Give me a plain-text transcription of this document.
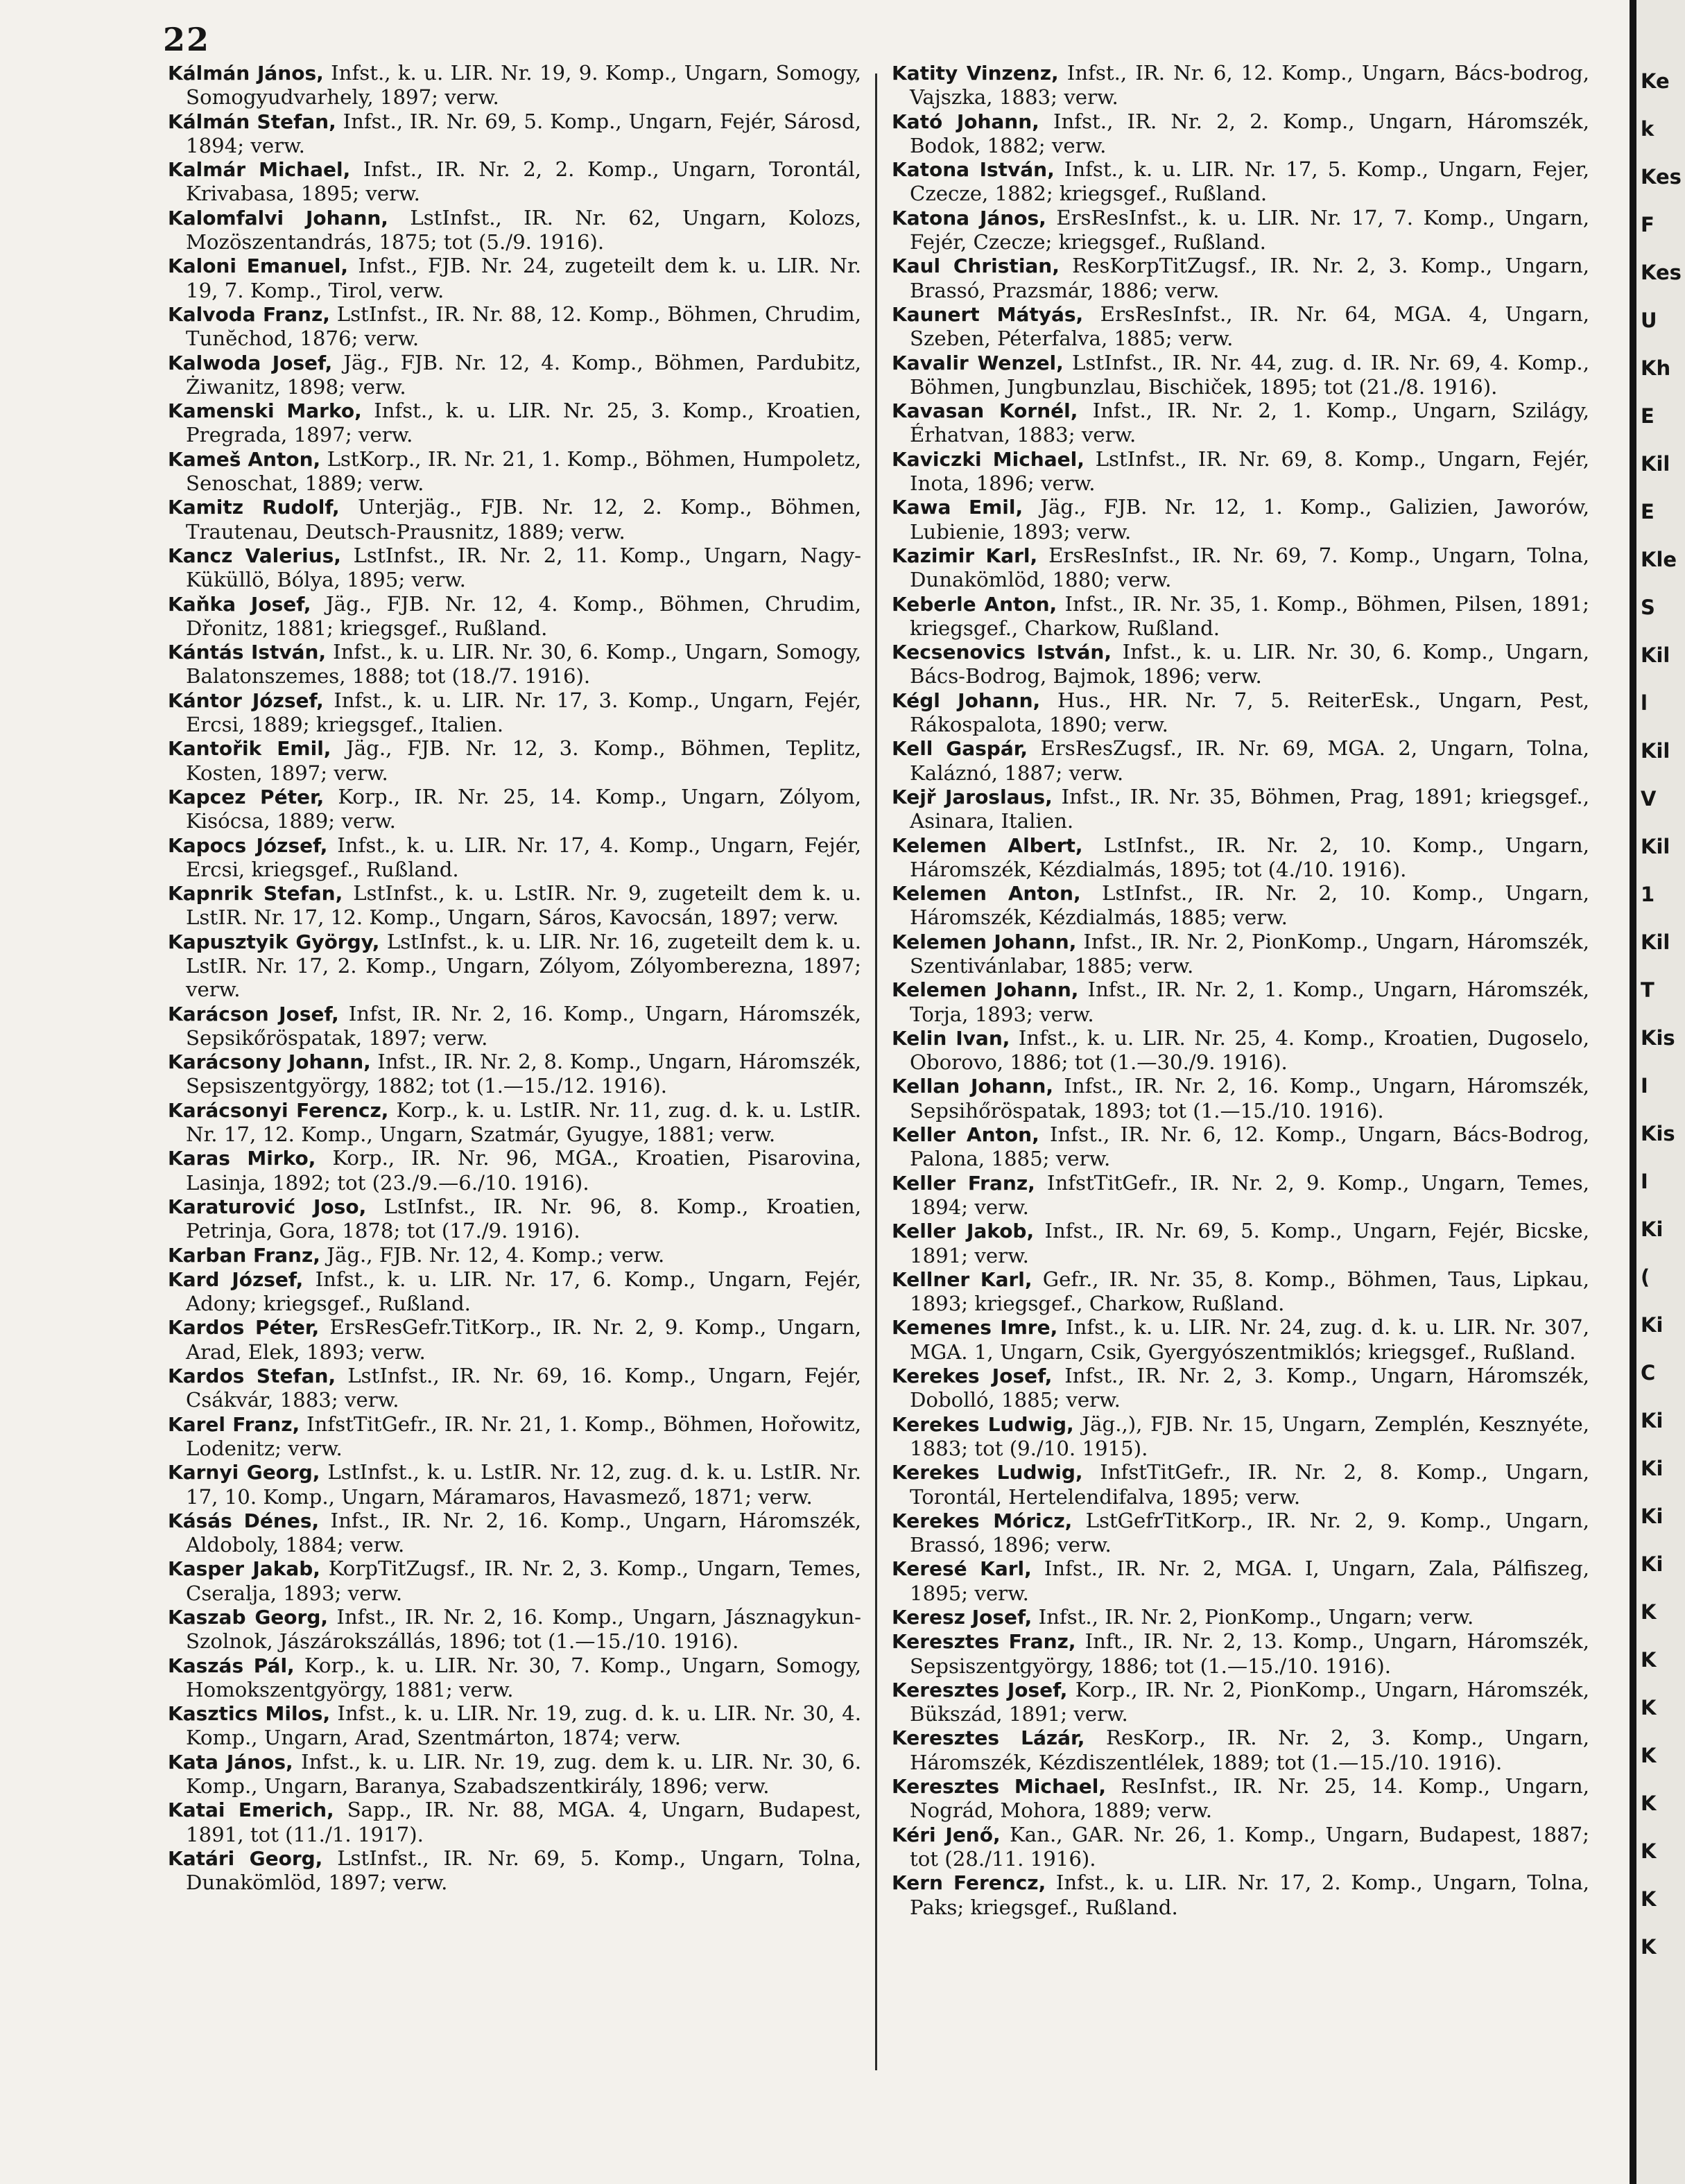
22

Kálmán János, Infst., k. u. LIR. Nr. 19, 9. Komp., Ungarn, Somogy, Somogyudvarhely, 1897; verw.

Kálmán Stefan, Infst., IR. Nr. 69, 5. Komp., Ungarn, Fejér, Sárosd, 1894; verw.

Kalmár Michael, Infst., IR. Nr. 2, 2. Komp., Ungarn, Torontál, Krivabasa, 1895; verw.

Kalomfalvi Johann, LstInfst., IR. Nr. 62, Ungarn, Kolozs, Mozöszentandrás, 1875; tot (5./9. 1916).

Kaloni Emanuel, Infst., FJB. Nr. 24, zugeteilt dem k. u. LIR. Nr. 19, 7. Komp., Tirol, verw.

Kalvoda Franz, LstInfst., IR. Nr. 88, 12. Komp., Böhmen, Chrudim, Tunĕchod, 1876; verw.

Kalwoda Josef, Jäg., FJB. Nr. 12, 4. Komp., Böhmen, Pardubitz, Żiwanitz, 1898; verw.

Kamenski Marko, Infst., k. u. LIR. Nr. 25, 3. Komp., Kroatien, Pregrada, 1897; verw.

Kameš Anton, LstKorp., IR. Nr. 21, 1. Komp., Böhmen, Humpoletz, Senoschat, 1889; verw.

Kamitz Rudolf, Unterjäg., FJB. Nr. 12, 2. Komp., Böhmen, Trautenau, Deutsch-Prausnitz, 1889; verw.

Kancz Valerius, LstInfst., IR. Nr. 2, 11. Komp., Ungarn, Nagy-Küküllö, Bólya, 1895; verw.

Kaňka Josef, Jäg., FJB. Nr. 12, 4. Komp., Böhmen, Chrudim, Dřonitz, 1881; kriegsgef., Rußland.

Kántás István, Infst., k. u. LIR. Nr. 30, 6. Komp., Ungarn, Somogy, Balatonszemes, 1888; tot (18./7. 1916).

Kántor József, Infst., k. u. LIR. Nr. 17, 3. Komp., Ungarn, Fejér, Ercsi, 1889; kriegsgef., Italien.

Kantořik Emil, Jäg., FJB. Nr. 12, 3. Komp., Böhmen, Teplitz, Kosten, 1897; verw.

Kapcez Péter, Korp., IR. Nr. 25, 14. Komp., Ungarn, Zólyom, Kisócsa, 1889; verw.

Kapocs József, Infst., k. u. LIR. Nr. 17, 4. Komp., Ungarn, Fejér, Ercsi, kriegsgef., Rußland.

Kapnrik Stefan, LstInfst., k. u. LstIR. Nr. 9, zugeteilt dem k. u. LstIR. Nr. 17, 12. Komp., Ungarn, Sáros, Kavocsán, 1897; verw.

Kapusztyik György, LstInfst., k. u. LIR. Nr. 16, zugeteilt dem k. u. LstIR. Nr. 17, 2. Komp., Ungarn, Zólyom, Zólyomberezna, 1897; verw.

Karácson Josef, Infst, IR. Nr. 2, 16. Komp., Ungarn, Háromszék, Sepsikőröspatak, 1897; verw.

Karácsony Johann, Infst., IR. Nr. 2, 8. Komp., Ungarn, Háromszék, Sepsiszentgyörgy, 1882; tot (1.—15./12. 1916).

Karácsonyi Ferencz, Korp., k. u. LstIR. Nr. 11, zug. d. k. u. LstIR. Nr. 17, 12. Komp., Ungarn, Szatmár, Gyugye, 1881; verw.

Karas Mirko, Korp., IR. Nr. 96, MGA., Kroatien, Pisarovina, Lasinja, 1892; tot (23./9.—6./10. 1916).

Karaturović Joso, LstInfst., IR. Nr. 96, 8. Komp., Kroatien, Petrinja, Gora, 1878; tot (17./9. 1916).

Karban Franz, Jäg., FJB. Nr. 12, 4. Komp.; verw.

Kard József, Infst., k. u. LIR. Nr. 17, 6. Komp., Ungarn, Fejér, Adony; kriegsgef., Rußland.

Kardos Péter, ErsResGefr.TitKorp., IR. Nr. 2, 9. Komp., Ungarn, Arad, Elek, 1893; verw.

Kardos Stefan, LstInfst., IR. Nr. 69, 16. Komp., Ungarn, Fejér, Csákvár, 1883; verw.

Karel Franz, InfstTitGefr., IR. Nr. 21, 1. Komp., Böhmen, Hořowitz, Lodenitz; verw.

Karnyi Georg, LstInfst., k. u. LstIR. Nr. 12, zug. d. k. u. LstIR. Nr. 17, 10. Komp., Ungarn, Máramaros, Havasmező, 1871; verw.

Kásás Dénes, Infst., IR. Nr. 2, 16. Komp., Ungarn, Háromszék, Aldoboly, 1884; verw.

Kasper Jakab, KorpTitZugsf., IR. Nr. 2, 3. Komp., Ungarn, Temes, Cseralja, 1893; verw.

Kaszab Georg, Infst., IR. Nr. 2, 16. Komp., Ungarn, Jásznagykun-Szolnok, Jászárokszállás, 1896; tot (1.—15./10. 1916).

Kaszás Pál, Korp., k. u. LIR. Nr. 30, 7. Komp., Ungarn, Somogy, Homokszentgyörgy, 1881; verw.

Kasztics Milos, Infst., k. u. LIR. Nr. 19, zug. d. k. u. LIR. Nr. 30, 4. Komp., Ungarn, Arad, Szentmárton, 1874; verw.

Kata János, Infst., k. u. LIR. Nr. 19, zug. dem k. u. LIR. Nr. 30, 6. Komp., Ungarn, Baranya, Szabadszentkirály, 1896; verw.

Katai Emerich, Sapp., IR. Nr. 88, MGA. 4, Ungarn, Budapest, 1891, tot (11./1. 1917).

Katári Georg, LstInfst., IR. Nr. 69, 5. Komp., Ungarn, Tolna, Dunakömlöd, 1897; verw.

Katity Vinzenz, Infst., IR. Nr. 6, 12. Komp., Ungarn, Bács-bodrog, Vajszka, 1883; verw.

Kató Johann, Infst., IR. Nr. 2, 2. Komp., Ungarn, Háromszék, Bodok, 1882; verw.

Katona István, Infst., k. u. LIR. Nr. 17, 5. Komp., Ungarn, Fejer, Czecze, 1882; kriegsgef., Rußland.

Katona János, ErsResInfst., k. u. LIR. Nr. 17, 7. Komp., Ungarn, Fejér, Czecze; kriegsgef., Rußland.

Kaul Christian, ResKorpTitZugsf., IR. Nr. 2, 3. Komp., Ungarn, Brassó, Prazsmár, 1886; verw.

Kaunert Mátyás, ErsResInfst., IR. Nr. 64, MGA. 4, Ungarn, Szeben, Péterfalva, 1885; verw.

Kavalir Wenzel, LstInfst., IR. Nr. 44, zug. d. IR. Nr. 69, 4. Komp., Böhmen, Jungbunzlau, Bischiček, 1895; tot (21./8. 1916).

Kavasan Kornél, Infst., IR. Nr. 2, 1. Komp., Ungarn, Szilágy, Érhatvan, 1883; verw.

Kaviczki Michael, LstInfst., IR. Nr. 69, 8. Komp., Ungarn, Fejér, Inota, 1896; verw.

Kawa Emil, Jäg., FJB. Nr. 12, 1. Komp., Galizien, Jaworów, Lubienie, 1893; verw.

Kazimir Karl, ErsResInfst., IR. Nr. 69, 7. Komp., Ungarn, Tolna, Dunakömlöd, 1880; verw.

Keberle Anton, Infst., IR. Nr. 35, 1. Komp., Böhmen, Pilsen, 1891; kriegsgef., Charkow, Rußland.

Kecsenovics István, Infst., k. u. LIR. Nr. 30, 6. Komp., Ungarn, Bács-Bodrog, Bajmok, 1896; verw.

Kégl Johann, Hus., HR. Nr. 7, 5. ReiterEsk., Ungarn, Pest, Rákospalota, 1890; verw.

Kell Gaspár, ErsResZugsf., IR. Nr. 69, MGA. 2, Ungarn, Tolna, Kaláznó, 1887; verw.

Kejř Jaroslaus, Infst., IR. Nr. 35, Böhmen, Prag, 1891; kriegsgef., Asinara, Italien.

Kelemen Albert, LstInfst., IR. Nr. 2, 10. Komp., Ungarn, Háromszék, Kézdialmás, 1895; tot (4./10. 1916).

Kelemen Anton, LstInfst., IR. Nr. 2, 10. Komp., Ungarn, Háromszék, Kézdialmás, 1885; verw.

Kelemen Johann, Infst., IR. Nr. 2, PionKomp., Ungarn, Háromszék, Szentivánlabar, 1885; verw.

Kelemen Johann, Infst., IR. Nr. 2, 1. Komp., Ungarn, Háromszék, Torja, 1893; verw.

Kelin Ivan, Infst., k. u. LIR. Nr. 25, 4. Komp., Kroatien, Dugoselo, Oborovo, 1886; tot (1.—30./9. 1916).

Kellan Johann, Infst., IR. Nr. 2, 16. Komp., Ungarn, Háromszék, Sepsihőröspatak, 1893; tot (1.—15./10. 1916).

Keller Anton, Infst., IR. Nr. 6, 12. Komp., Ungarn, Bács-Bodrog, Palona, 1885; verw.

Keller Franz, InfstTitGefr., IR. Nr. 2, 9. Komp., Ungarn, Temes, 1894; verw.

Keller Jakob, Infst., IR. Nr. 69, 5. Komp., Ungarn, Fejér, Bicske, 1891; verw.

Kellner Karl, Gefr., IR. Nr. 35, 8. Komp., Böhmen, Taus, Lipkau, 1893; kriegsgef., Charkow, Rußland.

Kemenes Imre, Infst., k. u. LIR. Nr. 24, zug. d. k. u. LIR. Nr. 307, MGA. 1, Ungarn, Csik, Gyergyószentmiklós; kriegsgef., Rußland.

Kerekes Josef, Infst., IR. Nr. 2, 3. Komp., Ungarn, Háromszék, Dobolló, 1885; verw.

Kerekes Ludwig, Jäg.,), FJB. Nr. 15, Ungarn, Zemplén, Kesznyéte, 1883; tot (9./10. 1915).

Kerekes Ludwig, InfstTitGefr., IR. Nr. 2, 8. Komp., Ungarn, Torontál, Hertelendifalva, 1895; verw.

Kerekes Móricz, LstGefrTitKorp., IR. Nr. 2, 9. Komp., Ungarn, Brassó, 1896; verw.

Keresé Karl, Infst., IR. Nr. 2, MGA. I, Ungarn, Zala, Pálfiszeg, 1895; verw.

Keresz Josef, Infst., IR. Nr. 2, PionKomp., Ungarn; verw.

Keresztes Franz, Inft., IR. Nr. 2, 13. Komp., Ungarn, Háromszék, Sepsiszentgyörgy, 1886; tot (1.—15./10. 1916).

Keresztes Josef, Korp., IR. Nr. 2, PionKomp., Ungarn, Háromszék, Bükszád, 1891; verw.

Keresztes Lázár, ResKorp., IR. Nr. 2, 3. Komp., Ungarn, Háromszék, Kézdiszentlélek, 1889; tot (1.—15./10. 1916).

Keresztes Michael, ResInfst., IR. Nr. 25, 14. Komp., Ungarn, Nográd, Mohora, 1889; verw.

Kéri Jenő, Kan., GAR. Nr. 26, 1. Komp., Ungarn, Budapest, 1887; tot (28./11. 1916).

Kern Ferencz, Infst., k. u. LIR. Nr. 17, 2. Komp., Ungarn, Tolna, Paks; kriegsgef., Rußland.

Ke
k
Kes
F
Kes
U
Kh
E
Kil
E
Kle
S
Kil
l
Kil
V
Kil
1
Kil
T
Kis
I
Kis
I
Ki
(
Ki
C
Ki
Ki
Ki
Ki
K
K
K
K
K
K
K
K
